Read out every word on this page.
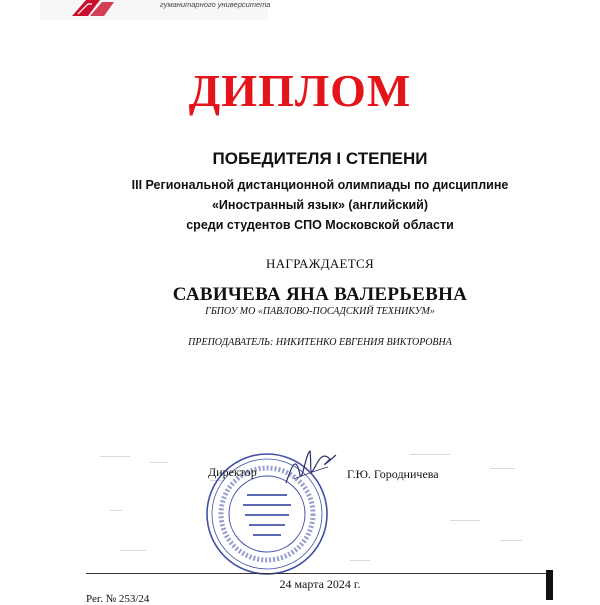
гуманитарного университета
ДИПЛОМ
ПОБЕДИТЕЛЯ I СТЕПЕНИ
III Региональной дистанционной олимпиады по дисциплине
«Иностранный язык» (английский)
среди студентов СПО Московской области
НАГРАЖДАЕТСЯ
САВИЧЕВА ЯНА ВАЛЕРЬЕВНА
ГБПОУ МО «ПАВЛОВО-ПОСАДСКИЙ ТЕХНИКУМ»
ПРЕПОДАВАТЕЛЬ: НИКИТЕНКО ЕВГЕНИЯ ВИКТОРОВНА
Директор	Г.Ю. Городничева
24 марта 2024 г.
Рег. № 253/24
